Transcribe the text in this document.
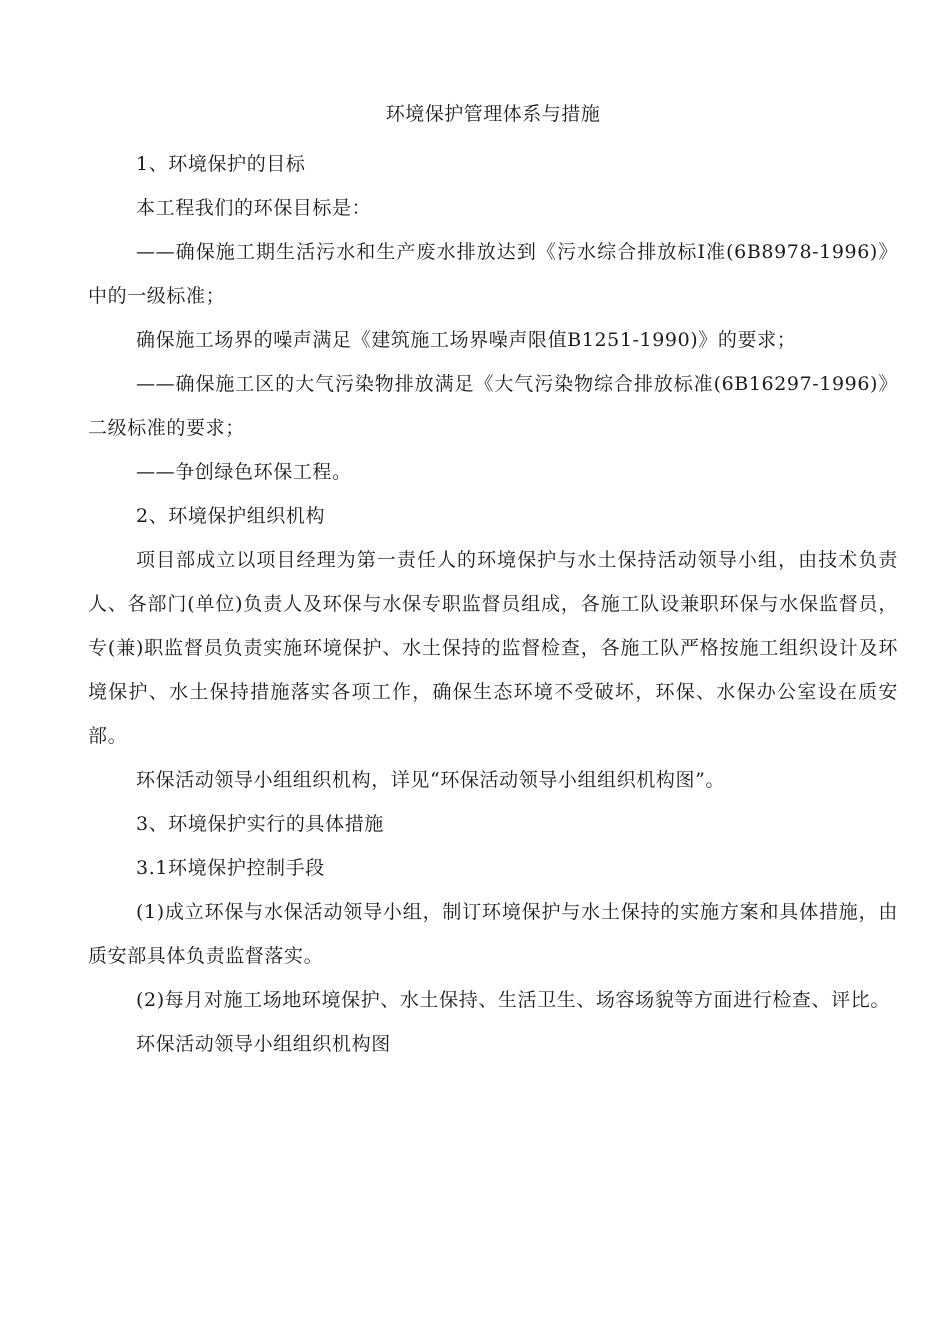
环境保护管理体系与措施

1、环境保护的目标

本工程我们的环保目标是：

——确保施工期生活污水和生产废水排放达到《污水综合排放标Ⅰ准(6B8978-1996)》中的一级标准；

确保施工场界的噪声满足《建筑施工场界噪声限值B1251-1990)》的要求；

——确保施工区的大气污染物排放满足《大气污染物综合排放标准(6B16297-1996)》二级标准的要求；

——争创绿色环保工程。

2、环境保护组织机构

项目部成立以项目经理为第一责任人的环境保护与水土保持活动领导小组，由技术负责人、各部门(单位)负责人及环保与水保专职监督员组成，各施工队设兼职环保与水保监督员，专(兼)职监督员负责实施环境保护、水土保持的监督检查，各施工队严格按施工组织设计及环境保护、水土保持措施落实各项工作，确保生态环境不受破坏，环保、水保办公室设在质安部。

环保活动领导小组组织机构，详见“环保活动领导小组组织机构图”。

3、环境保护实行的具体措施

3.1环境保护控制手段

(1)成立环保与水保活动领导小组，制订环境保护与水土保持的实施方案和具体措施，由质安部具体负责监督落实。

(2)每月对施工场地环境保护、水土保持、生活卫生、场容场貌等方面进行检查、评比。

环保活动领导小组组织机构图
